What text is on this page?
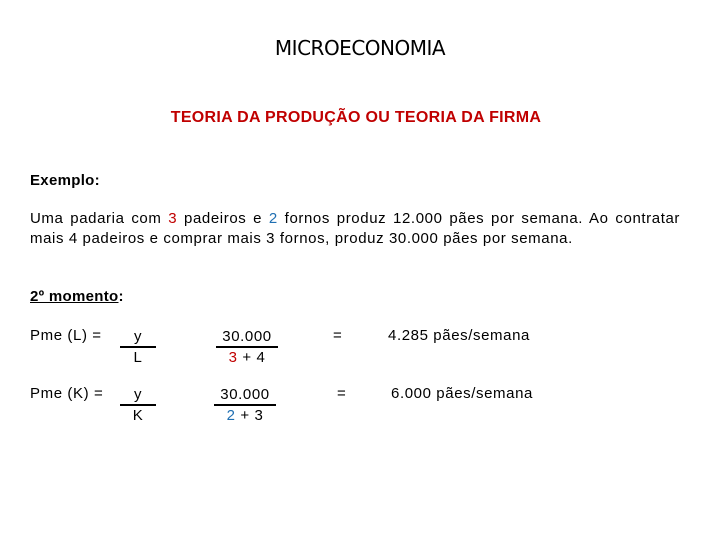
MICROECONOMIA
TEORIA DA PRODUÇÃO OU TEORIA DA FIRMA
Exemplo:
Uma padaria com 3 padeiros e 2 fornos produz 12.000 pães por semana. Ao contratar mais 4 padeiros e comprar mais 3 fornos, produz 30.000 pães por semana.
2º momento:
Pme $(L) = \frac{y}{L}$	$\frac{30.000}{3 + 4}$	=	4.285 pães/semana
Pme $(K) = \frac{y}{K}$	$\frac{30.000}{2 + 3}$	=	6.000 pães/semana
